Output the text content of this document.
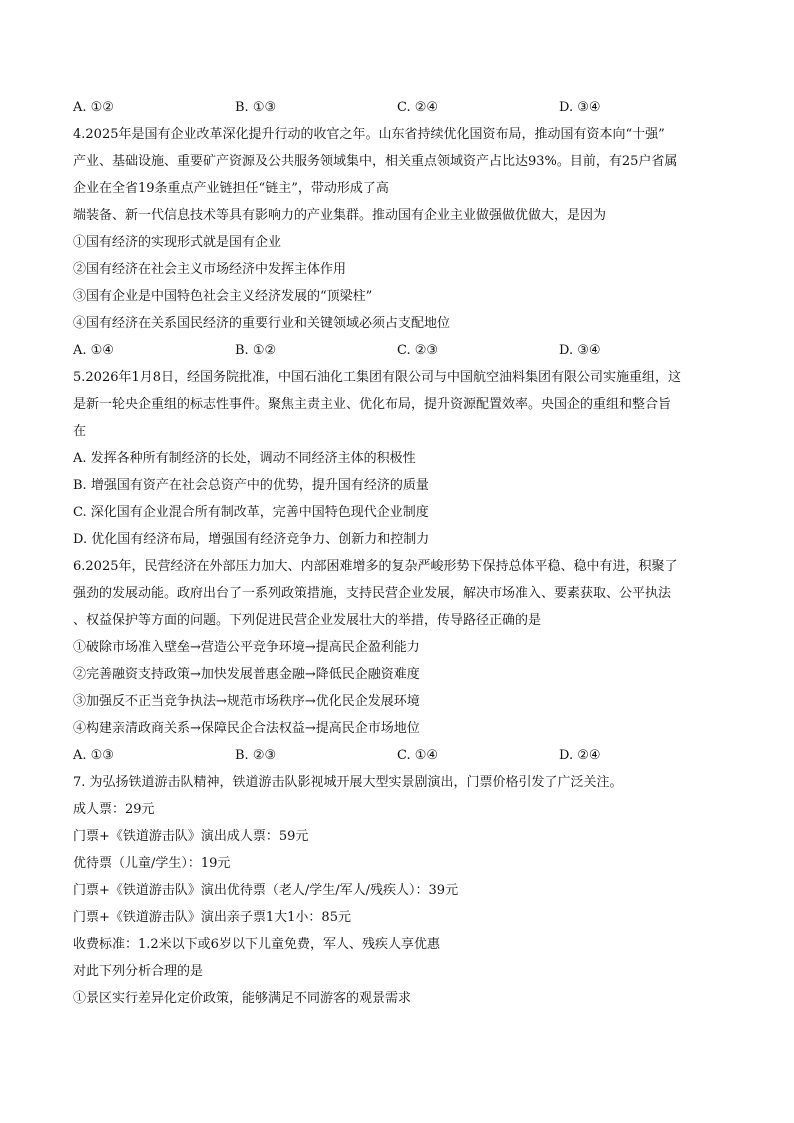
A. ①②	B. ①③	C. ②④	D. ③④
4.2025年是国有企业改革深化提升行动的收官之年。山东省持续优化国资布局，推动国有资本向“十强”
产业、基础设施、重要矿产资源及公共服务领域集中，相关重点领域资产占比达93%。目前，有25户省属
企业在全省19条重点产业链担任“链主”，带动形成了高
端装备、新一代信息技术等具有影响力的产业集群。推动国有企业主业做强做优做大，是因为
①国有经济的实现形式就是国有企业
②国有经济在社会主义市场经济中发挥主体作用
③国有企业是中国特色社会主义经济发展的“顶梁柱”
④国有经济在关系国民经济的重要行业和关键领域必须占支配地位
A. ①④	B. ①②	C. ②③	D. ③④
5.2026年1月8日，经国务院批准，中国石油化工集团有限公司与中国航空油料集团有限公司实施重组，这
是新一轮央企重组的标志性事件。聚焦主责主业、优化布局，提升资源配置效率。央国企的重组和整合旨
在
A. 发挥各种所有制经济的长处，调动不同经济主体的积极性
B. 增强国有资产在社会总资产中的优势，提升国有经济的质量
C. 深化国有企业混合所有制改革，完善中国特色现代企业制度
D. 优化国有经济布局，增强国有经济竞争力、创新力和控制力
6.2025年，民营经济在外部压力加大、内部困难增多的复杂严峻形势下保持总体平稳、稳中有进，积聚了
强劲的发展动能。政府出台了一系列政策措施，支持民营企业发展，解决市场准入、要素获取、公平执法
、权益保护等方面的问题。下列促进民营企业发展壮大的举措，传导路径正确的是
①破除市场准入壁垒→营造公平竞争环境→提高民企盈利能力
②完善融资支持政策→加快发展普惠金融→降低民企融资难度
③加强反不正当竞争执法→规范市场秩序→优化民企发展环境
④构建亲清政商关系→保障民企合法权益→提高民企市场地位
A. ①③	B. ②③	C. ①④	D. ②④
7. 为弘扬铁道游击队精神，铁道游击队影视城开展大型实景剧演出，门票价格引发了广泛关注。
成人票：29元
门票+《铁道游击队》演出成人票：59元
优待票（儿童/学生）：19元
门票+《铁道游击队》演出优待票（老人/学生/军人/残疾人）：39元
门票+《铁道游击队》演出亲子票1大1小：85元
收费标准：1.2米以下或6岁以下儿童免费，军人、残疾人享优惠
对此下列分析合理的是
①景区实行差异化定价政策，能够满足不同游客的观景需求
